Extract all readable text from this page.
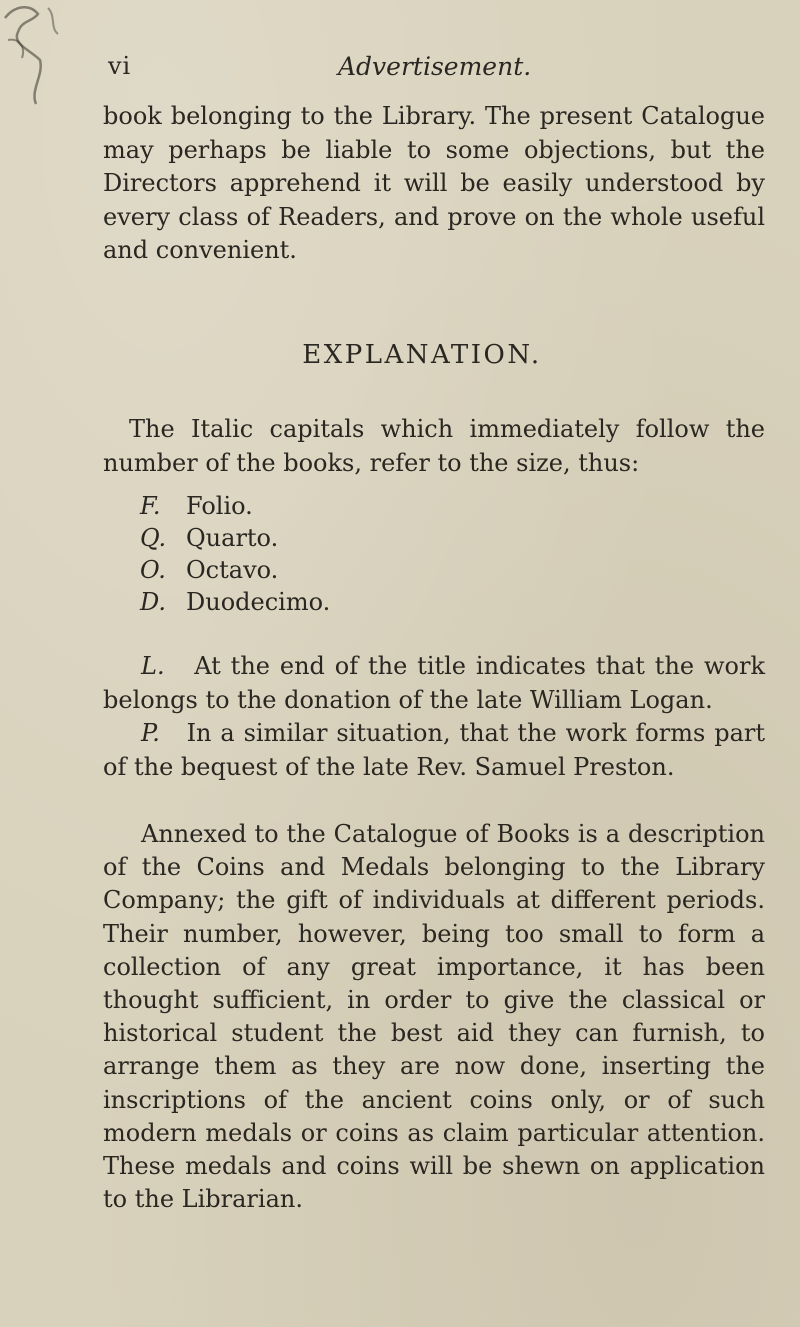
vi	Advertisement.

book belonging to the Library. The present Catalogue may perhaps be liable to some objections, but the Directors apprehend it will be easily understood by every class of Readers, and prove on the whole useful and convenient.

EXPLANATION.

The Italic capitals which immediately follow the number of the books, refer to the size, thus:

F.	Folio.
Q. Quarto.
O. Octavo.
D. Duodecimo.

L. At the end of the title indicates that the work belongs to the donation of the late William Logan.

P. In a similar situation, that the work forms part of the bequest of the late Rev. Samuel Preston.

Annexed to the Catalogue of Books is a description of the Coins and Medals belonging to the Library Company; the gift of individuals at different periods. Their number, however, being too small to form a collection of any great importance, it has been thought sufficient, in order to give the classical or historical student the best aid they can furnish, to arrange them as they are now done, inserting the inscriptions of the ancient coins only, or of such modern medals or coins as claim particular attention. These medals and coins will be shewn on application to the Librarian.
